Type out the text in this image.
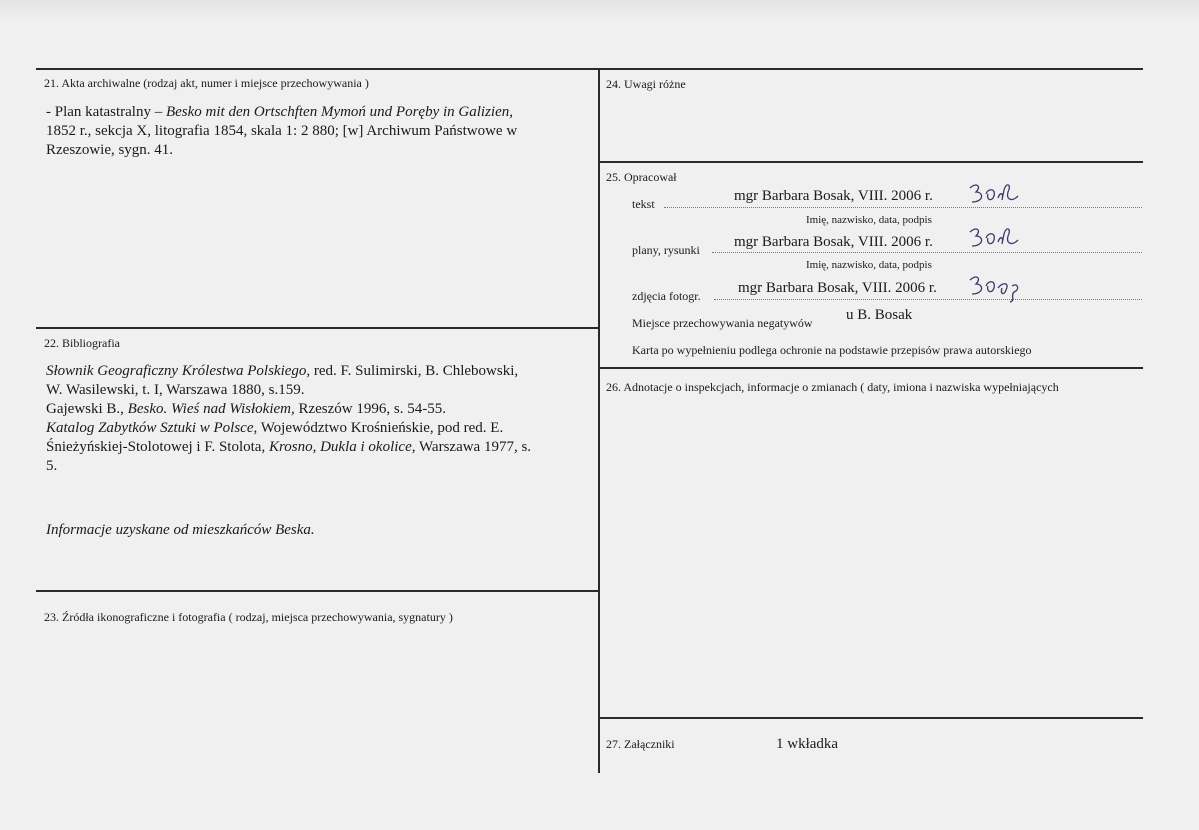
21. Akta archiwalne (rodzaj akt, numer i miejsce przechowywania )
- Plan katastralny – Besko mit den Ortschften Mymoń und Poręby in Galizien,
1852 r., sekcja X, litografia 1854, skala 1: 2 880; [w] Archiwum Państwowe w
Rzeszowie, sygn. 41.
22. Bibliografia
Słownik Geograficzny Królestwa Polskiego, red. F. Sulimirski, B. Chlebowski,
W. Wasilewski, t. I, Warszawa 1880, s.159.
Gajewski B., Besko. Wieś nad Wisłokiem, Rzeszów 1996, s. 54-55.
Katalog Zabytków Sztuki w Polsce, Województwo Krośnieńskie, pod red. E.
Śnieżyńskiej-Stolotowej i F. Stolota, Krosno, Dukla i okolice, Warszawa 1977, s.
5.
Informacje uzyskane od mieszkańców Beska.
23. Źródła ikonograficzne i fotografia ( rodzaj, miejsca przechowywania, sygnatury )
24. Uwagi różne
25. Opracował
tekst	mgr Barbara Bosak, VIII. 2006 r.
Imię, nazwisko, data, podpis
plany, rysunki mgr Barbara Bosak, VIII. 2006 r.
Imię, nazwisko, data, podpis
zdjęcia fotogr. mgr Barbara Bosak, VIII. 2006 r.
Miejsce przechowywania negatywów u B. Bosak
Karta po wypełnieniu podlega ochronie na podstawie przepisów prawa autorskiego
26. Adnotacje o inspekcjach, informacje o zmianach ( daty, imiona i nazwiska wypełniających
27. Załączniki	1 wkładka
